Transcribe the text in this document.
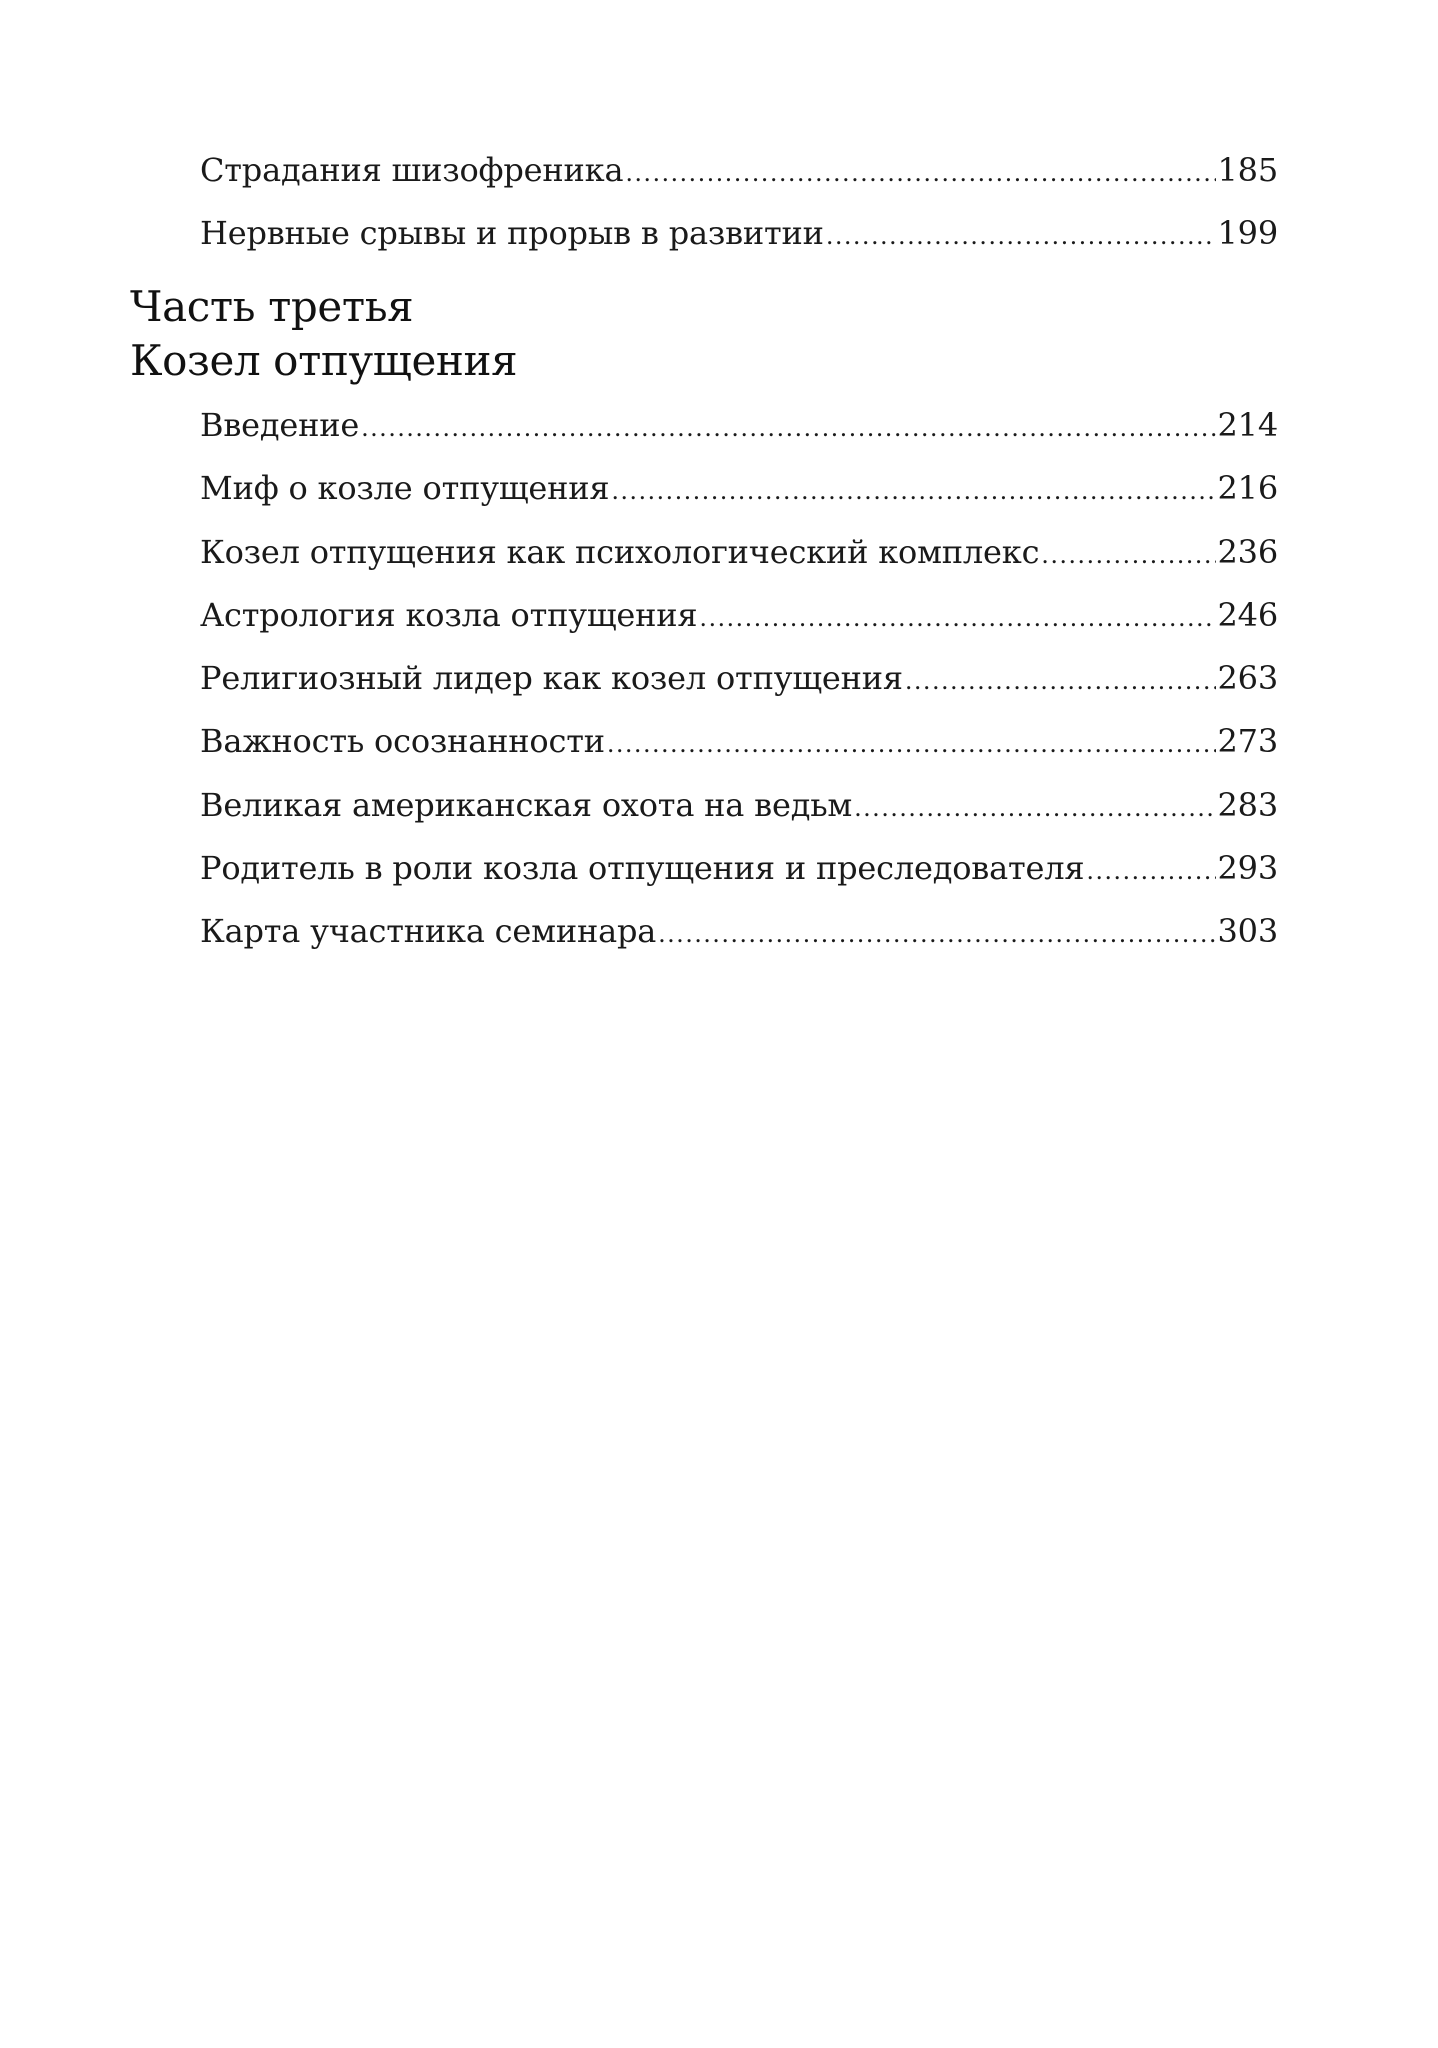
Страдания шизофреника .....	185
Нервные срывы и прорыв в развитии .....	199
Часть третья
Козел отпущения
Введение .....	214
Миф о козле отпущения .....	216
Козел отпущения как психологический комплекс .....	236
Астрология козла отпущения .....	246
Религиозный лидер как козел отпущения .....	263
Важность осознанности .....	273
Великая американская охота на ведьм .....	283
Родитель в роли козла отпущения и преследователя .....	293
Карта участника семинара .....	303
